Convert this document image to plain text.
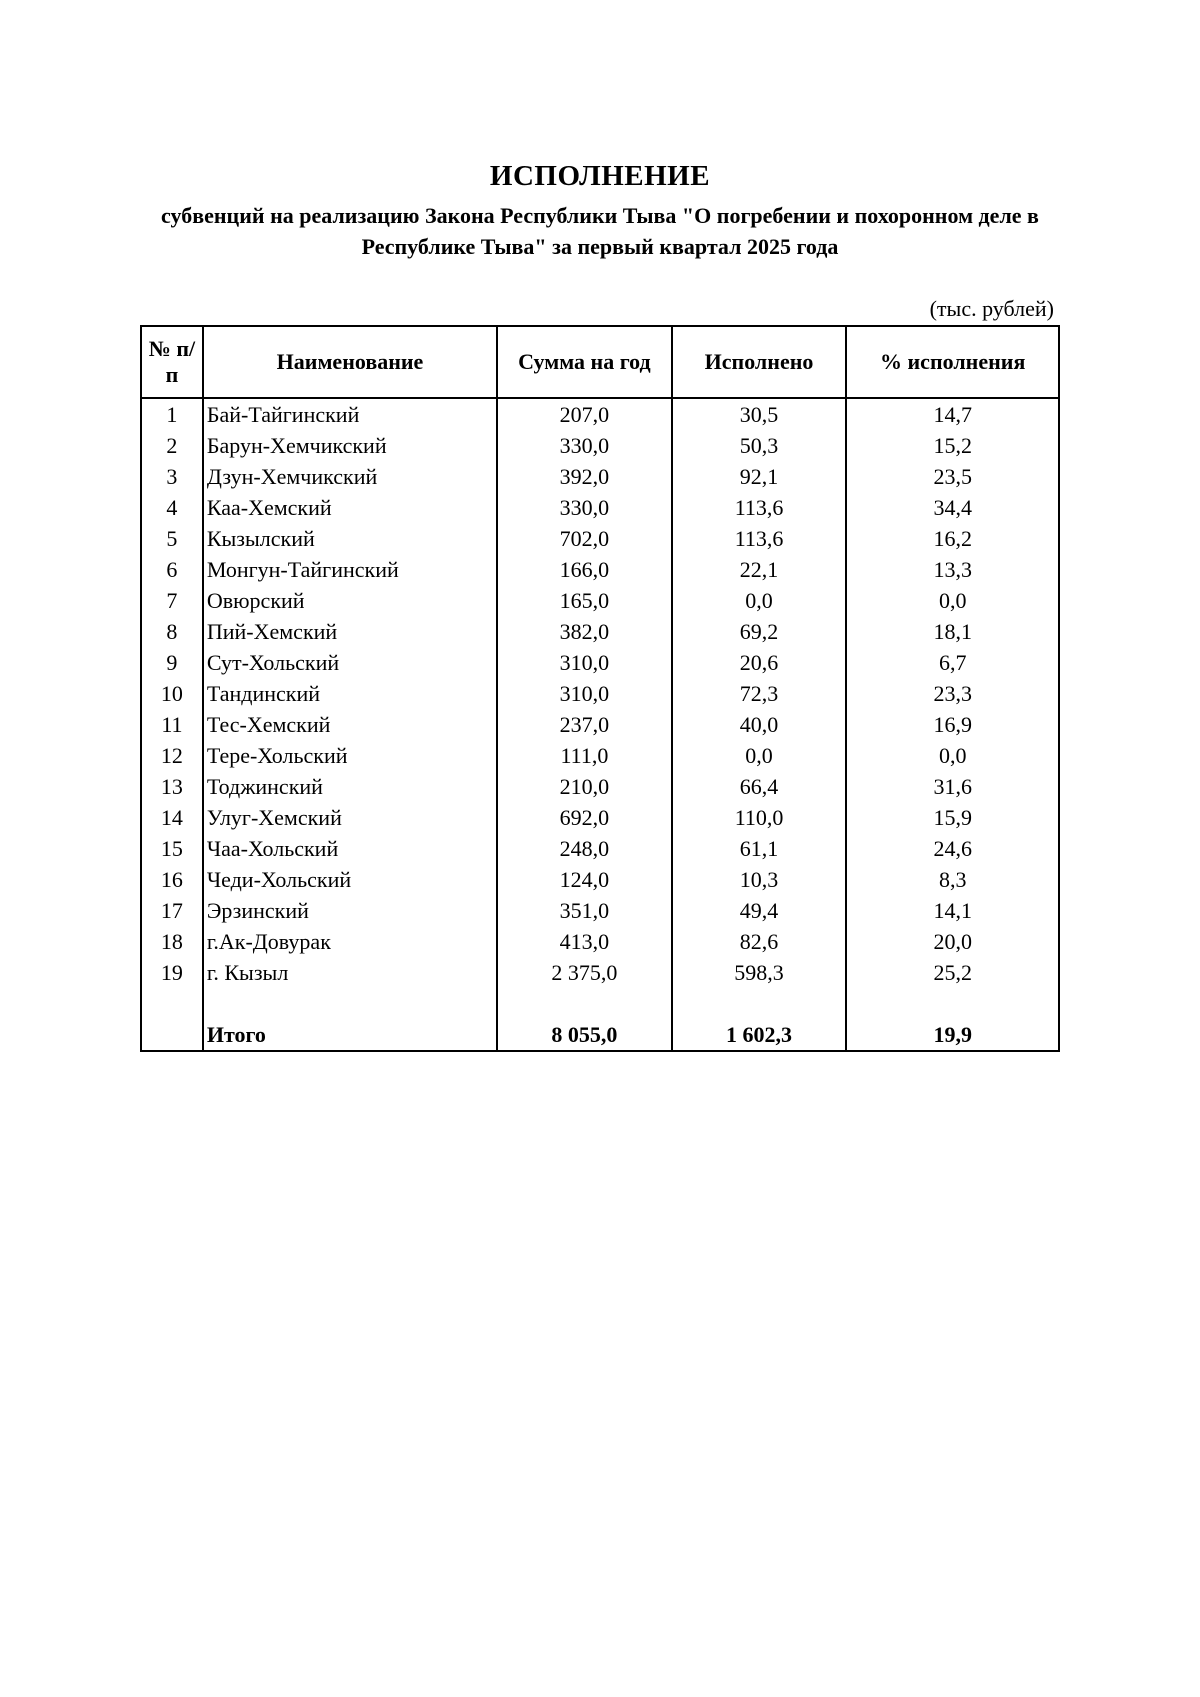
ИСПОЛНЕНИЕ
субвенций на реализацию Закона Республики Тыва "О погребении и похоронном деле в Республике Тыва" за первый квартал 2025 года
(тыс. рублей)
№ п/п	Наименование	Сумма на год	Исполнено	% исполнения
1	Бай-Тайгинский	207,0	30,5	14,7
2	Барун-Хемчикский	330,0	50,3	15,2
3	Дзун-Хемчикский	392,0	92,1	23,5
4	Каа-Хемский	330,0	113,6	34,4
5	Кызылский	702,0	113,6	16,2
6	Монгун-Тайгинский	166,0	22,1	13,3
7	Овюрский	165,0	0,0	0,0
8	Пий-Хемский	382,0	69,2	18,1
9	Сут-Хольский	310,0	20,6	6,7
10	Тандинский	310,0	72,3	23,3
11	Тес-Хемский	237,0	40,0	16,9
12	Тере-Хольский	111,0	0,0	0,0
13	Тоджинский	210,0	66,4	31,6
14	Улуг-Хемский	692,0	110,0	15,9
15	Чаа-Хольский	248,0	61,1	24,6
16	Чеди-Хольский	124,0	10,3	8,3
17	Эрзинский	351,0	49,4	14,1
18	г.Ак-Довурак	413,0	82,6	20,0
19	г. Кызыл	2 375,0	598,3	25,2

	Итого	8 055,0	1 602,3	19,9
